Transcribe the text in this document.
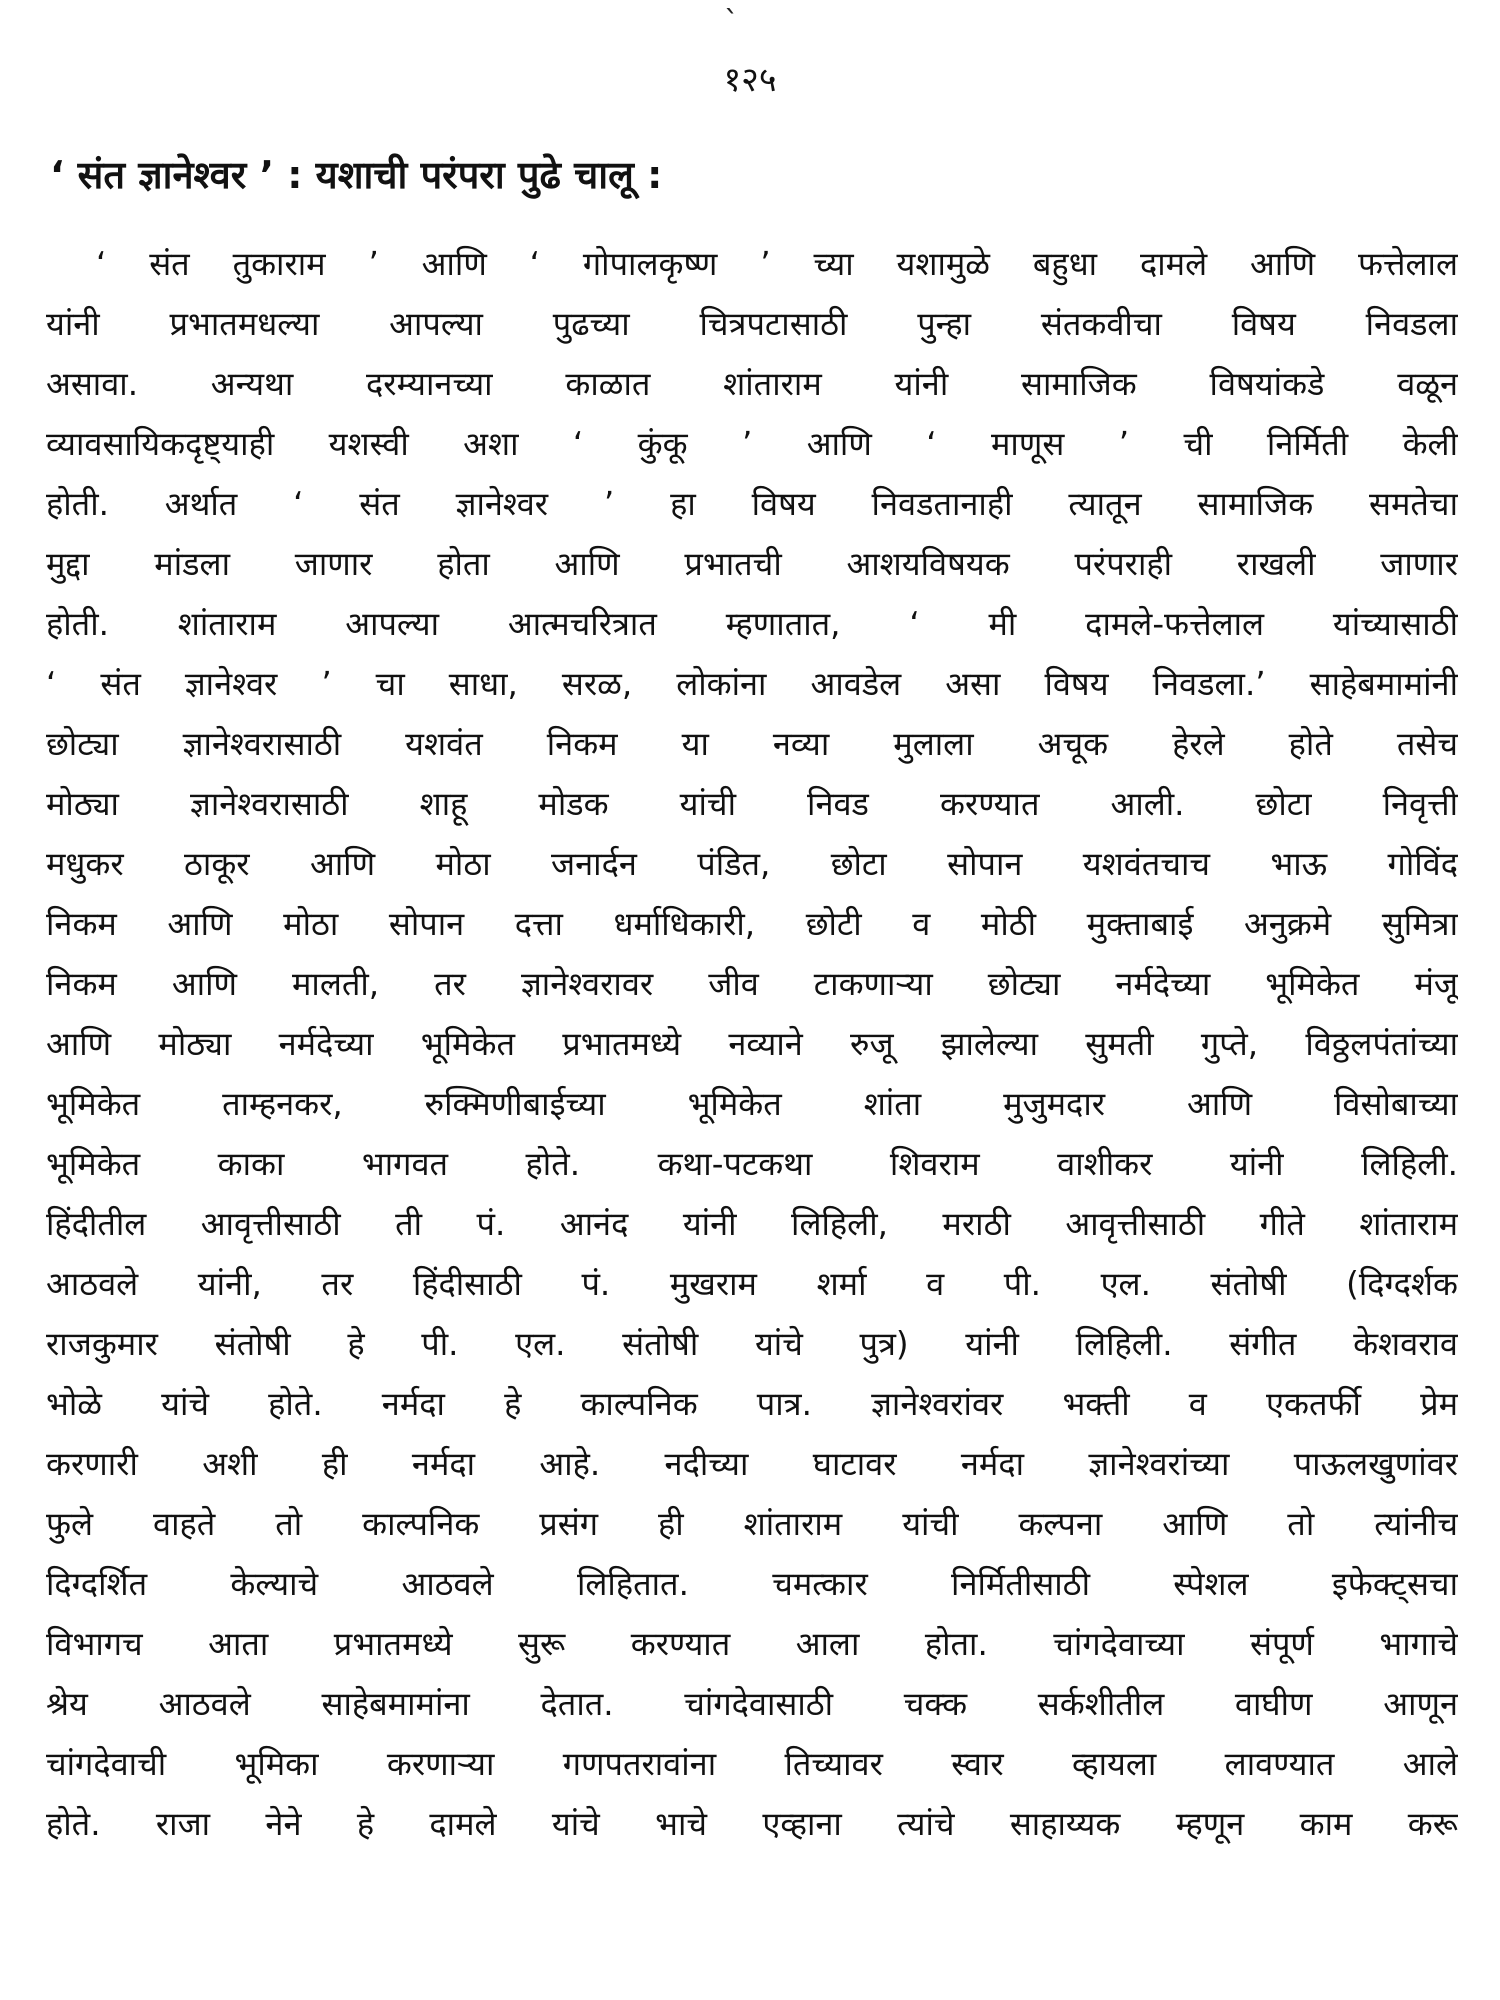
`
१२५
‘ संत ज्ञानेश्वर ’ : यशाची परंपरा पुढे चालू :
‘ संत तुकाराम ’ आणि ‘ गोपालकृष्ण ’ च्या यशामुळे बहुधा दामले आणि फत्तेलाल
यांनी प्रभातमधल्या आपल्या पुढच्या चित्रपटासाठी पुन्हा संतकवीचा विषय निवडला
असावा. अन्यथा दरम्यानच्या काळात शांताराम यांनी सामाजिक विषयांकडे वळून
व्यावसायिकदृष्ट्याही यशस्वी अशा ‘ कुंकू ’ आणि ‘ माणूस ’ ची निर्मिती केली
होती. अर्थात ‘ संत ज्ञानेश्वर ’ हा विषय निवडतानाही त्यातून सामाजिक समतेचा
मुद्दा मांडला जाणार होता आणि प्रभातची आशयविषयक परंपराही राखली जाणार
होती. शांताराम आपल्या आत्मचरित्रात म्हणातात, ‘ मी दामले-फत्तेलाल यांच्यासाठी
‘ संत ज्ञानेश्वर ’ चा साधा, सरळ, लोकांना आवडेल असा विषय निवडला.’ साहेबमामांनी
छोट्या ज्ञानेश्वरासाठी यशवंत निकम या नव्या मुलाला अचूक हेरले होते तसेच
मोठ्या ज्ञानेश्वरासाठी शाहू मोडक यांची निवड करण्यात आली. छोटा निवृत्ती
मधुकर ठाकूर आणि मोठा जनार्दन पंडित, छोटा सोपान यशवंतचाच भाऊ गोविंद
निकम आणि मोठा सोपान दत्ता धर्माधिकारी, छोटी व मोठी मुक्ताबाई अनुक्रमे सुमित्रा
निकम आणि मालती, तर ज्ञानेश्वरावर जीव टाकणाऱ्या छोट्या नर्मदेच्या भूमिकेत मंजू
आणि मोठ्या नर्मदेच्या भूमिकेत प्रभातमध्ये नव्याने रुजू झालेल्या सुमती गुप्ते, विठ्ठलपंतांच्या
भूमिकेत ताम्हनकर, रुक्मिणीबाईच्या भूमिकेत शांता मुजुमदार आणि विसोबाच्या
भूमिकेत काका भागवत होते. कथा-पटकथा शिवराम वाशीकर यांनी लिहिली.
हिंदीतील आवृत्तीसाठी ती पं. आनंद यांनी लिहिली, मराठी आवृत्तीसाठी गीते शांताराम
आठवले यांनी, तर हिंदीसाठी पं. मुखराम शर्मा व पी. एल. संतोषी (दिग्दर्शक
राजकुमार संतोषी हे पी. एल. संतोषी यांचे पुत्र) यांनी लिहिली. संगीत केशवराव
भोळे यांचे होते. नर्मदा हे काल्पनिक पात्र. ज्ञानेश्वरांवर भक्ती व एकतर्फी प्रेम
करणारी अशी ही नर्मदा आहे. नदीच्या घाटावर नर्मदा ज्ञानेश्वरांच्या पाऊलखुणांवर
फुले वाहते तो काल्पनिक प्रसंग ही शांताराम यांची कल्पना आणि तो त्यांनीच
दिग्दर्शित केल्याचे आठवले लिहितात. चमत्कार निर्मितीसाठी स्पेशल इफेक्ट्सचा
विभागच आता प्रभातमध्ये सुरू करण्यात आला होता. चांगदेवाच्या संपूर्ण भागाचे
श्रेय आठवले साहेबमामांना देतात. चांगदेवासाठी चक्क सर्कशीतील वाघीण आणून
चांगदेवाची भूमिका करणाऱ्या गणपतरावांना तिच्यावर स्वार व्हायला लावण्यात आले
होते. राजा नेने हे दामले यांचे भाचे एव्हाना त्यांचे साहाय्यक म्हणून काम करू
